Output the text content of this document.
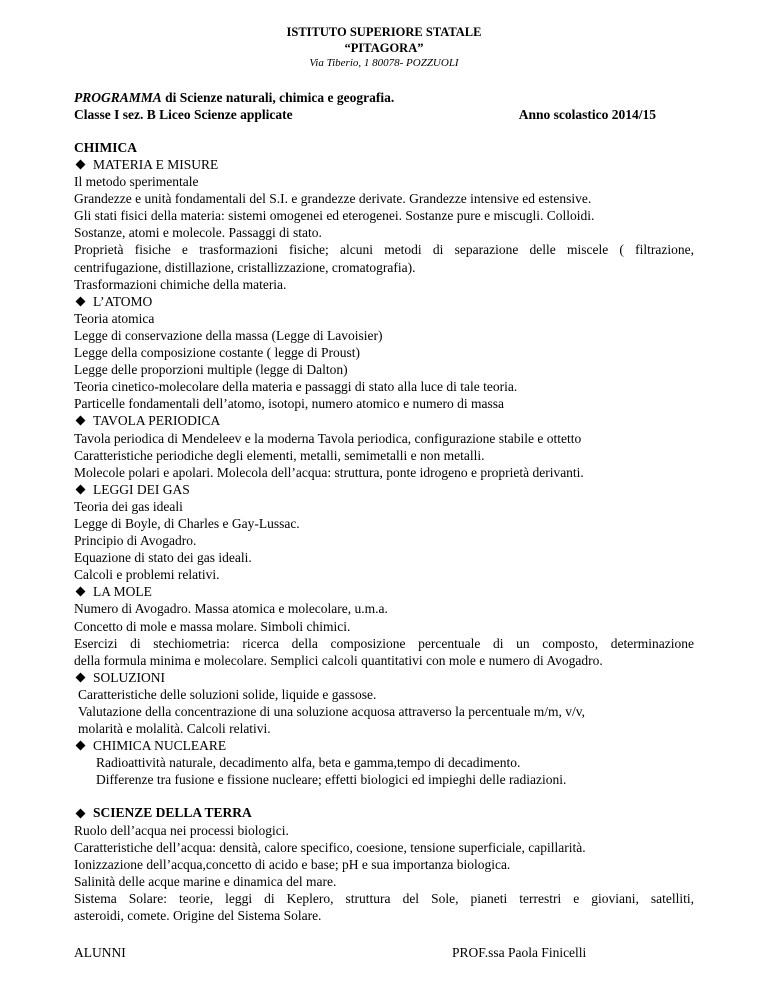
ISTITUTO SUPERIORE STATALE
“PITAGORA”
Via Tiberio, 1 80078- POZZUOLI
PROGRAMMA di Scienze naturali, chimica e geografia.
Classe I sez. B Liceo Scienze applicate	Anno scolastico 2014/15
CHIMICA
MATERIA E MISURE
Il metodo sperimentale
Grandezze e unità fondamentali del S.I. e grandezze derivate. Grandezze intensive ed estensive.
Gli stati fisici della materia: sistemi omogenei ed eterogenei. Sostanze pure e miscugli. Colloidi.
Sostanze, atomi e molecole. Passaggi di stato.
Proprietà fisiche e trasformazioni fisiche; alcuni metodi di separazione delle miscele ( filtrazione,
centrifugazione, distillazione, cristallizzazione, cromatografia).
Trasformazioni chimiche della materia.
L’ATOMO
Teoria atomica
Legge di conservazione della massa (Legge di Lavoisier)
Legge della composizione costante ( legge di Proust)
Legge delle proporzioni multiple (legge di Dalton)
Teoria cinetico-molecolare della materia e passaggi di stato alla luce di tale teoria.
Particelle fondamentali dell’atomo, isotopi, numero atomico e numero di massa
TAVOLA PERIODICA
Tavola periodica di Mendeleev e la moderna Tavola periodica, configurazione stabile e ottetto
Caratteristiche periodiche degli elementi, metalli, semimetalli e non metalli.
Molecole polari e apolari. Molecola dell’acqua: struttura, ponte idrogeno e proprietà derivanti.
LEGGI DEI GAS
Teoria dei gas ideali
Legge di Boyle, di Charles e Gay-Lussac.
Principio di Avogadro.
Equazione di stato dei gas ideali.
Calcoli e problemi relativi.
LA MOLE
Numero di Avogadro. Massa atomica e molecolare, u.m.a.
Concetto di mole e massa molare. Simboli chimici.
Esercizi di stechiometria: ricerca della composizione percentuale di un composto, determinazione
della formula minima e molecolare. Semplici calcoli quantitativi con mole e numero di Avogadro.
SOLUZIONI
Caratteristiche delle soluzioni solide, liquide e gassose.
Valutazione della concentrazione di una soluzione acquosa attraverso la percentuale m/m, v/v,
molarità e molalità. Calcoli relativi.
CHIMICA NUCLEARE
Radioattività naturale, decadimento alfa, beta e gamma,tempo di decadimento.
Differenze tra fusione e fissione nucleare; effetti biologici ed impieghi delle radiazioni.
SCIENZE DELLA TERRA
Ruolo dell’acqua nei processi biologici.
Caratteristiche dell’acqua: densità, calore specifico, coesione, tensione superficiale, capillarità.
Ionizzazione dell’acqua,concetto di acido e base; pH e sua importanza biologica.
Salinità delle acque marine e dinamica del mare.
Sistema Solare: teorie, leggi di Keplero, struttura del Sole, pianeti terrestri e gioviani, satelliti,
asteroidi, comete. Origine del Sistema Solare.
ALUNNI	PROF.ssa Paola Finicelli
